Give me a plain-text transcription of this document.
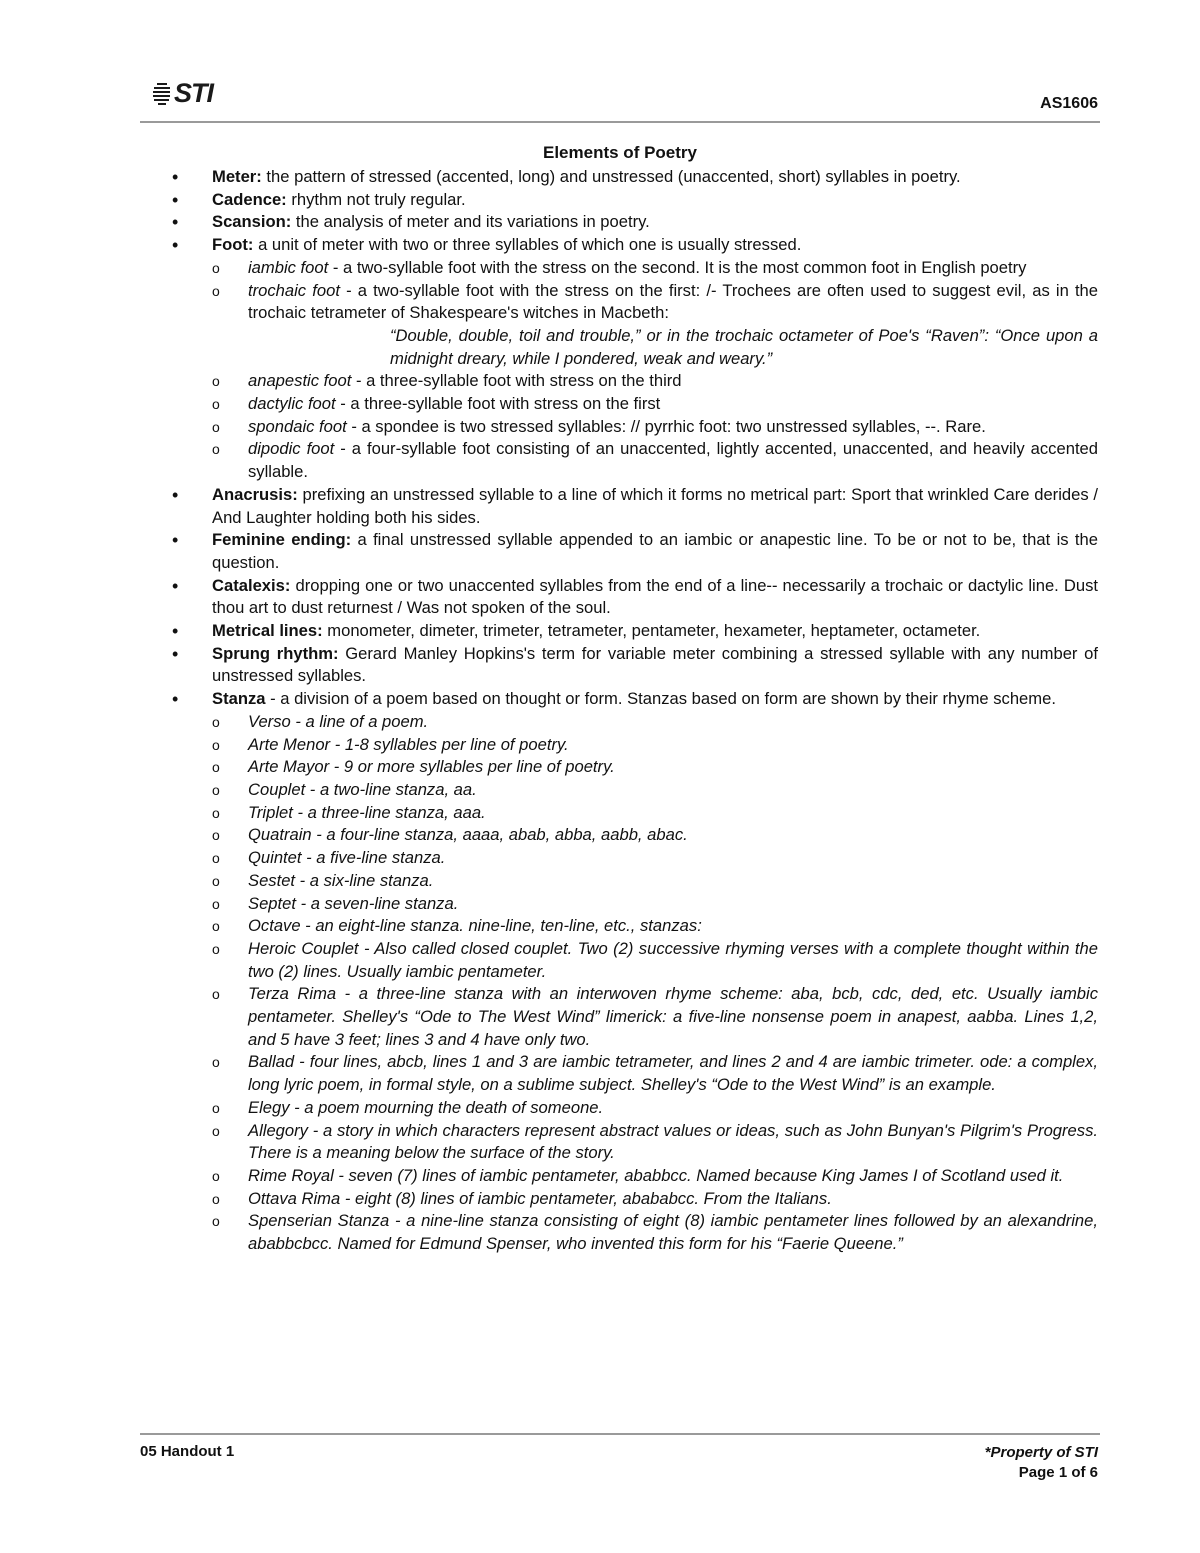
STI	AS1606
Elements of Poetry
• Meter: the pattern of stressed (accented, long) and unstressed (unaccented, short) syllables in poetry.
• Cadence: rhythm not truly regular.
• Scansion: the analysis of meter and its variations in poetry.
• Foot: a unit of meter with two or three syllables of which one is usually stressed.
o iambic foot - a two-syllable foot with the stress on the second. It is the most common foot in English poetry
o trochaic foot - a two-syllable foot with the stress on the first: /- Trochees are often used to suggest evil, as in the trochaic tetrameter of Shakespeare's witches in Macbeth:
“Double, double, toil and trouble,” or in the trochaic octameter of Poe's “Raven”: “Once upon a midnight dreary, while I pondered, weak and weary.”
o anapestic foot - a three-syllable foot with stress on the third
o dactylic foot - a three-syllable foot with stress on the first
o spondaic foot - a spondee is two stressed syllables: // pyrrhic foot: two unstressed syllables, --. Rare.
o dipodic foot - a four-syllable foot consisting of an unaccented, lightly accented, unaccented, and heavily accented syllable.
• Anacrusis: prefixing an unstressed syllable to a line of which it forms no metrical part: Sport that wrinkled Care derides / And Laughter holding both his sides.
• Feminine ending: a final unstressed syllable appended to an iambic or anapestic line. To be or not to be, that is the question.
• Catalexis: dropping one or two unaccented syllables from the end of a line-- necessarily a trochaic or dactylic line. Dust thou art to dust returnest / Was not spoken of the soul.
• Metrical lines: monometer, dimeter, trimeter, tetrameter, pentameter, hexameter, heptameter, octameter.
• Sprung rhythm: Gerard Manley Hopkins's term for variable meter combining a stressed syllable with any number of unstressed syllables.
• Stanza - a division of a poem based on thought or form. Stanzas based on form are shown by their rhyme scheme.
o Verso - a line of a poem.
o Arte Menor - 1-8 syllables per line of poetry.
o Arte Mayor - 9 or more syllables per line of poetry.
o Couplet - a two-line stanza, aa.
o Triplet - a three-line stanza, aaa.
o Quatrain - a four-line stanza, aaaa, abab, abba, aabb, abac.
o Quintet - a five-line stanza.
o Sestet - a six-line stanza.
o Septet - a seven-line stanza.
o Octave - an eight-line stanza. nine-line, ten-line, etc., stanzas:
o Heroic Couplet - Also called closed couplet. Two (2) successive rhyming verses with a complete thought within the two (2) lines. Usually iambic pentameter.
o Terza Rima - a three-line stanza with an interwoven rhyme scheme: aba, bcb, cdc, ded, etc. Usually iambic pentameter. Shelley's “Ode to The West Wind” limerick: a five-line nonsense poem in anapest, aabba. Lines 1,2, and 5 have 3 feet; lines 3 and 4 have only two.
o Ballad - four lines, abcb, lines 1 and 3 are iambic tetrameter, and lines 2 and 4 are iambic trimeter. ode: a complex, long lyric poem, in formal style, on a sublime subject. Shelley's “Ode to the West Wind” is an example.
o Elegy - a poem mourning the death of someone.
o Allegory - a story in which characters represent abstract values or ideas, such as John Bunyan's Pilgrim's Progress. There is a meaning below the surface of the story.
o Rime Royal - seven (7) lines of iambic pentameter, ababbcc. Named because King James I of Scotland used it.
o Ottava Rima - eight (8) lines of iambic pentameter, abababcc. From the Italians.
o Spenserian Stanza - a nine-line stanza consisting of eight (8) iambic pentameter lines followed by an alexandrine, ababbcbcc. Named for Edmund Spenser, who invented this form for his “Faerie Queene.”
05 Handout 1	*Property of STI
Page 1 of 6
